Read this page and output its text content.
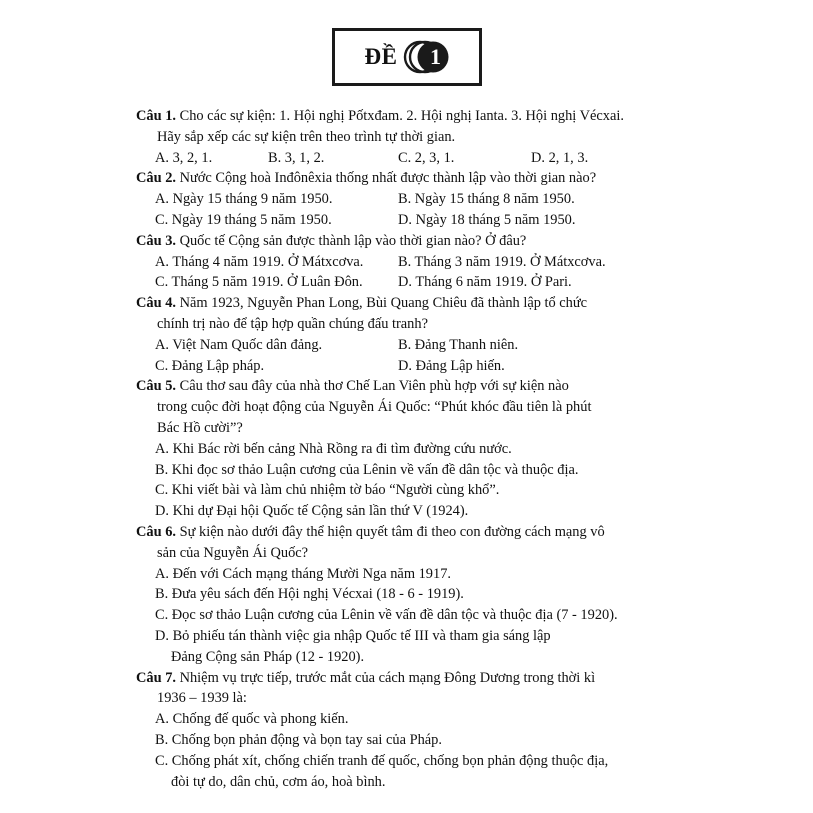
ĐỀ	1
Câu 1. Cho các sự kiện: 1. Hội nghị Pốtxđam. 2. Hội nghị Ianta. 3. Hội nghị Vécxai.
Hãy sắp xếp các sự kiện trên theo trình tự thời gian.
A. 3, 2, 1.	B. 3, 1, 2.	C. 2, 3, 1.	D. 2, 1, 3.
Câu 2. Nước Cộng hoà Inđônêxia thống nhất được thành lập vào thời gian nào?
A. Ngày 15 tháng 9 năm 1950.	B. Ngày 15 tháng 8 năm 1950.
C. Ngày 19 tháng 5 năm 1950.	D. Ngày 18 tháng 5 năm 1950.
Câu 3. Quốc tế Cộng sản được thành lập vào thời gian nào? Ở đâu?
A. Tháng 4 năm 1919. Ở Mátxcơva.	B. Tháng 3 năm 1919. Ở Mátxcơva.
C. Tháng 5 năm 1919. Ở Luân Đôn.	D. Tháng 6 năm 1919. Ở Pari.
Câu 4. Năm 1923, Nguyễn Phan Long, Bùi Quang Chiêu đã thành lập tổ chức
chính trị nào để tập hợp quần chúng đấu tranh?
A. Việt Nam Quốc dân đảng.	B. Đảng Thanh niên.
C. Đảng Lập pháp.	D. Đảng Lập hiến.
Câu 5. Câu thơ sau đây của nhà thơ Chế Lan Viên phù hợp với sự kiện nào
trong cuộc đời hoạt động của Nguyễn Ái Quốc: “Phút khóc đầu tiên là phút
Bác Hồ cười”?
A. Khi Bác rời bến cảng Nhà Rồng ra đi tìm đường cứu nước.
B. Khi đọc sơ thảo Luận cương của Lênin về vấn đề dân tộc và thuộc địa.
C. Khi viết bài và làm chủ nhiệm tờ báo “Người cùng khổ”.
D. Khi dự Đại hội Quốc tế Cộng sản lần thứ V (1924).
Câu 6. Sự kiện nào dưới đây thể hiện quyết tâm đi theo con đường cách mạng vô
sản của Nguyễn Ái Quốc?
A. Đến với Cách mạng tháng Mười Nga năm 1917.
B. Đưa yêu sách đến Hội nghị Vécxai (18 - 6 - 1919).
C. Đọc sơ thảo Luận cương của Lênin về vấn đề dân tộc và thuộc địa (7 - 1920).
D. Bỏ phiếu tán thành việc gia nhập Quốc tế III và tham gia sáng lập
Đảng Cộng sản Pháp (12 - 1920).
Câu 7. Nhiệm vụ trực tiếp, trước mắt của cách mạng Đông Dương trong thời kì
1936 – 1939 là:
A. Chống đế quốc và phong kiến.
B. Chống bọn phản động và bọn tay sai của Pháp.
C. Chống phát xít, chống chiến tranh đế quốc, chống bọn phản động thuộc địa,
đòi tự do, dân chủ, cơm áo, hoà bình.
